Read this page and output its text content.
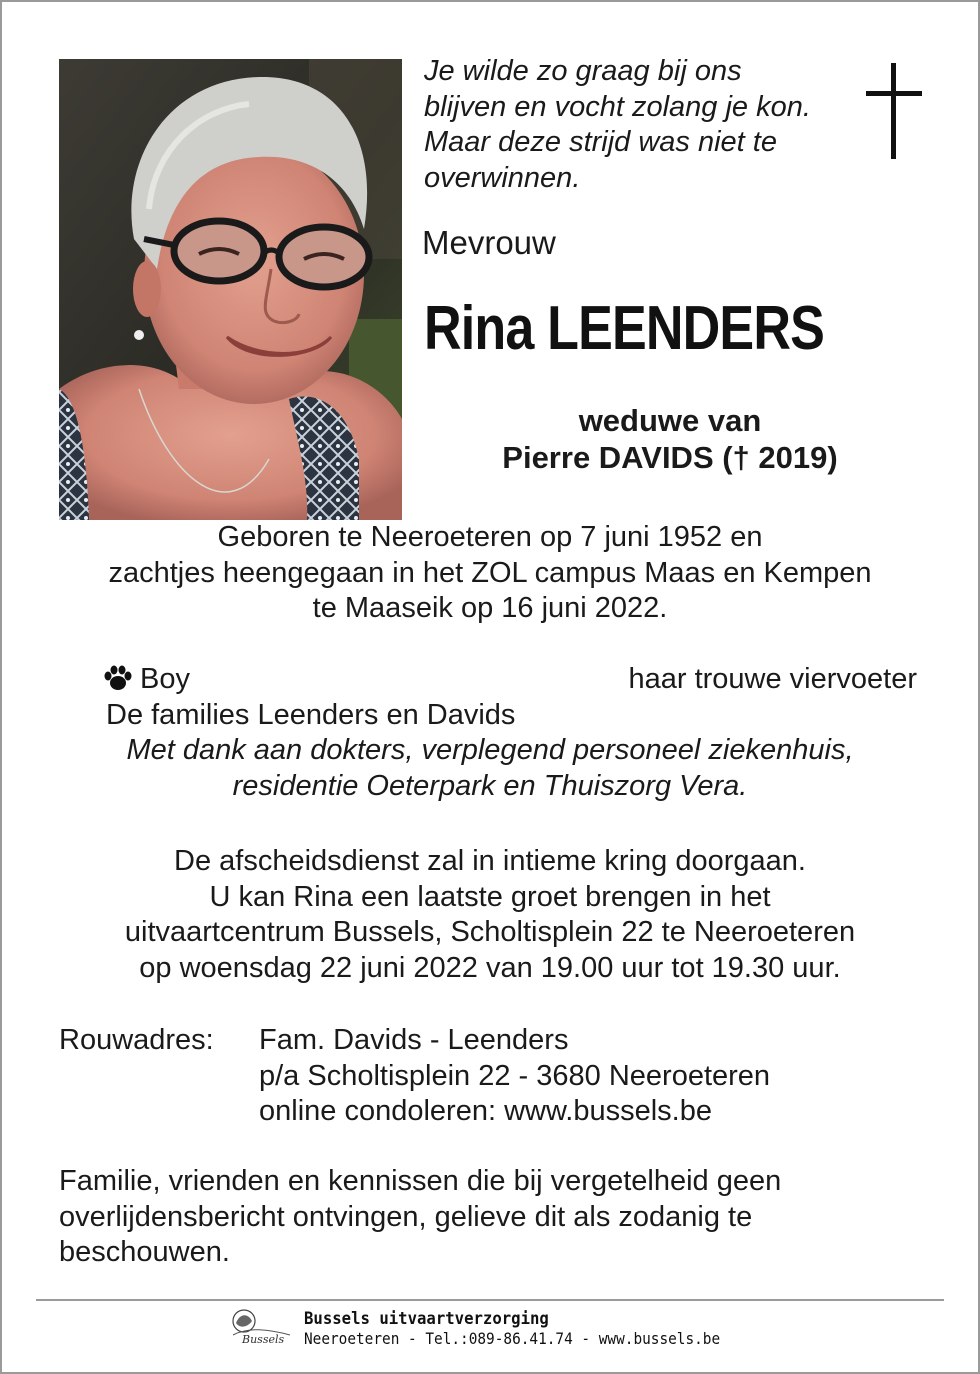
Je wilde zo graag bij ons
blijven en vocht zolang je kon.
Maar deze strijd was niet te
overwinnen.
Mevrouw
Rina LEENDERS
weduwe van
Pierre DAVIDS († 2019)
Geboren te Neeroeteren op 7 juni 1952 en
zachtjes heengegaan in het ZOL campus Maas en Kempen
te Maaseik op 16 juni 2022.
Boy	haar trouwe viervoeter
De families Leenders en Davids
Met dank aan dokters, verplegend personeel ziekenhuis,
residentie Oeterpark en Thuiszorg Vera.
De afscheidsdienst zal in intieme kring doorgaan.
U kan Rina een laatste groet brengen in het
uitvaartcentrum Bussels, Scholtisplein 22 te Neeroeteren
op woensdag 22 juni 2022 van 19.00 uur tot 19.30 uur.
Rouwadres: Fam. Davids - Leenders
p/a Scholtisplein 22 - 3680 Neeroeteren
online condoleren: www.bussels.be
Familie, vrienden en kennissen die bij vergetelheid geen
overlijdensbericht ontvingen, gelieve dit als zodanig te
beschouwen.
Bussels
Bussels uitvaartverzorging
Neeroeteren - Tel.:089-86.41.74 - www.bussels.be
